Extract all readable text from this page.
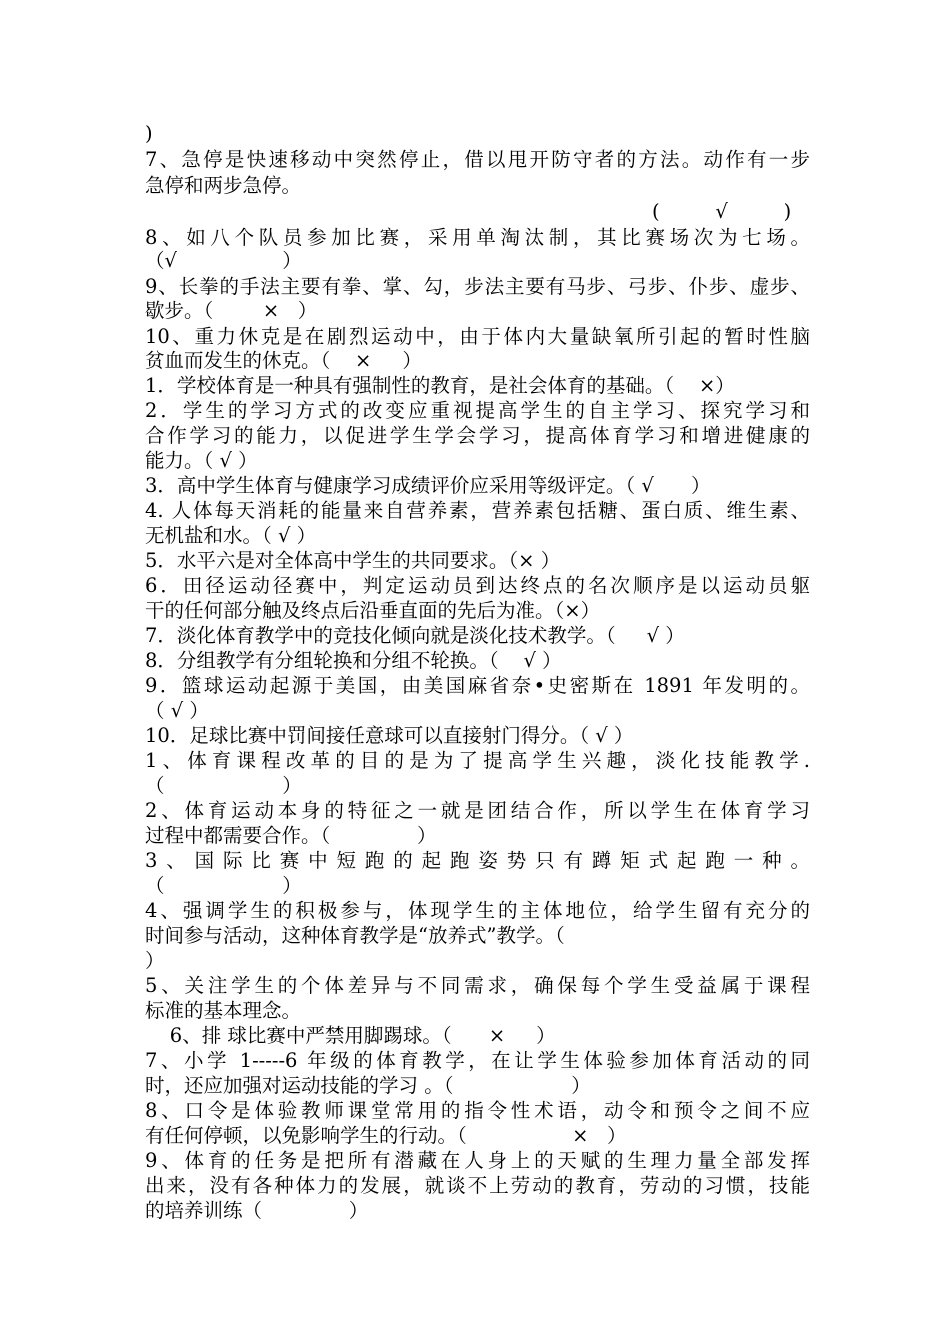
)

7、急停是快速移动中突然停止，借以甩开防守者的方法。动作有一步

急停和两步急停。

(         √         )

8、如八个队员参加比赛，采用单淘汰制，其比赛场次为七场。

（√                 ）

9、长拳的手法主要有拳、掌、勾，步法主要有马步、弓步、仆步、虚步、

歇步。（        ×   ）

10、重力休克是在剧烈运动中，由于体内大量缺氧所引起的暂时性脑

贫血而发生的休克。（    ×     ）

1．学校体育是一种具有强制性的教育，是社会体育的基础。（    ×）

2．学生的学习方式的改变应重视提高学生的自主学习、探究学习和

合作学习的能力，以促进学生学会学习，提高体育学习和增进健康的

能力。（ √ ）

3．高中学生体育与健康学习成绩评价应采用等级评定。（ √      ）

4. 人体每天消耗的能量来自营养素，营养素包括糖、蛋白质、维生素、

无机盐和水。（ √ ）

5．水平六是对全体高中学生的共同要求。（× ）

6．田径运动径赛中，判定运动员到达终点的名次顺序是以运动员躯

干的任何部分触及终点后沿垂直面的先后为准。（×）

7．淡化体育教学中的竞技化倾向就是淡化技术教学。（     √ ）

8．分组教学有分组轮换和分组不轮换。（    √ ）

9．篮球运动起源于美国，由美国麻省奈•史密斯在 1891 年发明的。

（ √ ）

10．足球比赛中罚间接任意球可以直接射门得分。（ √ ）

1、体育课程改革的目的是为了提高学生兴趣，淡化技能教学.

（                   ）

2、体育运动本身的特征之一就是团结合作，所以学生在体育学习

过程中都需要合作。（              ）

3、国际比赛中短跑的起跑姿势只有蹲矩式起跑一种。

（                   ）

4、强调学生的积极参与，体现学生的主体地位，给学生留有充分的

时间参与活动，这种体育教学是“放养式”教学。（

）

5、关注学生的个体差异与不同需求，确保每个学生受益属于课程

标准的基本理念。

6、排 球比赛中严禁用脚踢球。（      ×     ）

7、小学 1-----6 年级的体育教学，在让学生体验参加体育活动的同

时，还应加强对运动技能的学习 。（                   ）

8、口令是体验教师课堂常用的指令性术语，动令和预令之间不应

有任何停顿，以免影响学生的行动。（                 ×   ）

9、体育的任务是把所有潜藏在人身上的天赋的生理力量全部发挥

出来，没有各种体力的发展，就谈不上劳动的教育，劳动的习惯，技能

的培养训练（              ）
